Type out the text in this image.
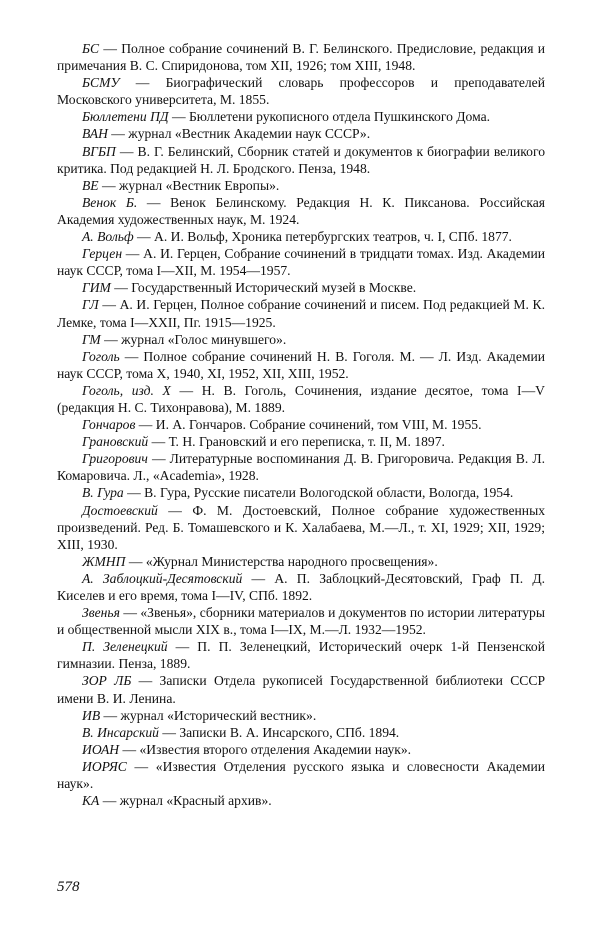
БС — Полное собрание сочинений В. Г. Белинского. Предисловие, редакция и примечания В. С. Спиридонова, том XII, 1926; том XIII, 1948.

БСМУ — Биографический словарь профессоров и преподавателей Московского университета, М. 1855.

Бюллетени ПД — Бюллетени рукописного отдела Пушкинского Дома.

ВАН — журнал «Вестник Академии наук СССР».

ВГБП — В. Г. Белинский, Сборник статей и документов к биографии великого критика. Под редакцией Н. Л. Бродского. Пенза, 1948.

ВЕ — журнал «Вестник Европы».

Венок Б. — Венок Белинскому. Редакция Н. К. Пиксанова. Российская Академия художественных наук, М. 1924.

А. Вольф — А. И. Вольф, Хроника петербургских театров, ч. I, СПб. 1877.

Герцен — А. И. Герцен, Собрание сочинений в тридцати томах. Изд. Академии наук СССР, тома I—XII, М. 1954—1957.

ГИМ — Государственный Исторический музей в Москве.

ГЛ — А. И. Герцен, Полное собрание сочинений и писем. Под редакцией М. К. Лемке, тома I—XXII, Пг. 1915—1925.

ГМ — журнал «Голос минувшего».

Гоголь — Полное собрание сочинений Н. В. Гоголя. М. — Л. Изд. Академии наук СССР, тома X, 1940, XI, 1952, XII, XIII, 1952.

Гоголь, изд. X — Н. В. Гоголь, Сочинения, издание десятое, тома I—V (редакция Н. С. Тихонравова), М. 1889.

Гончаров — И. А. Гончаров. Собрание сочинений, том VIII, М. 1955.

Грановский — Т. Н. Грановский и его переписка, т. II, М. 1897.

Григорович — Литературные воспоминания Д. В. Григоровича. Редакция В. Л. Комаровича. Л., «Academia», 1928.

В. Гура — В. Гура, Русские писатели Вологодской области, Вологда, 1954.

Достоевский — Ф. М. Достоевский, Полное собрание художественных произведений. Ред. Б. Томашевского и К. Халабаева, М.—Л., т. XI, 1929; XII, 1929; XIII, 1930.

ЖМНП — «Журнал Министерства народного просвещения».

А. Заблоцкий-Десятовский — А. П. Заблоцкий-Десятовский, Граф П. Д. Киселев и его время, тома I—IV, СПб. 1892.

Звенья — «Звенья», сборники материалов и документов по истории литературы и общественной мысли XIX в., тома I—IX, М.—Л. 1932—1952.

П. Зеленецкий — П. П. Зеленецкий, Исторический очерк 1-й Пензенской гимназии. Пенза, 1889.

ЗОР ЛБ — Записки Отдела рукописей Государственной библиотеки СССР имени В. И. Ленина.

ИВ — журнал «Исторический вестник».

В. Инсарский — Записки В. А. Инсарского, СПб. 1894.

ИОАН — «Известия второго отделения Академии наук».

ИОРЯС — «Известия Отделения русского языка и словесности Академии наук».

КА — журнал «Красный архив».

578
